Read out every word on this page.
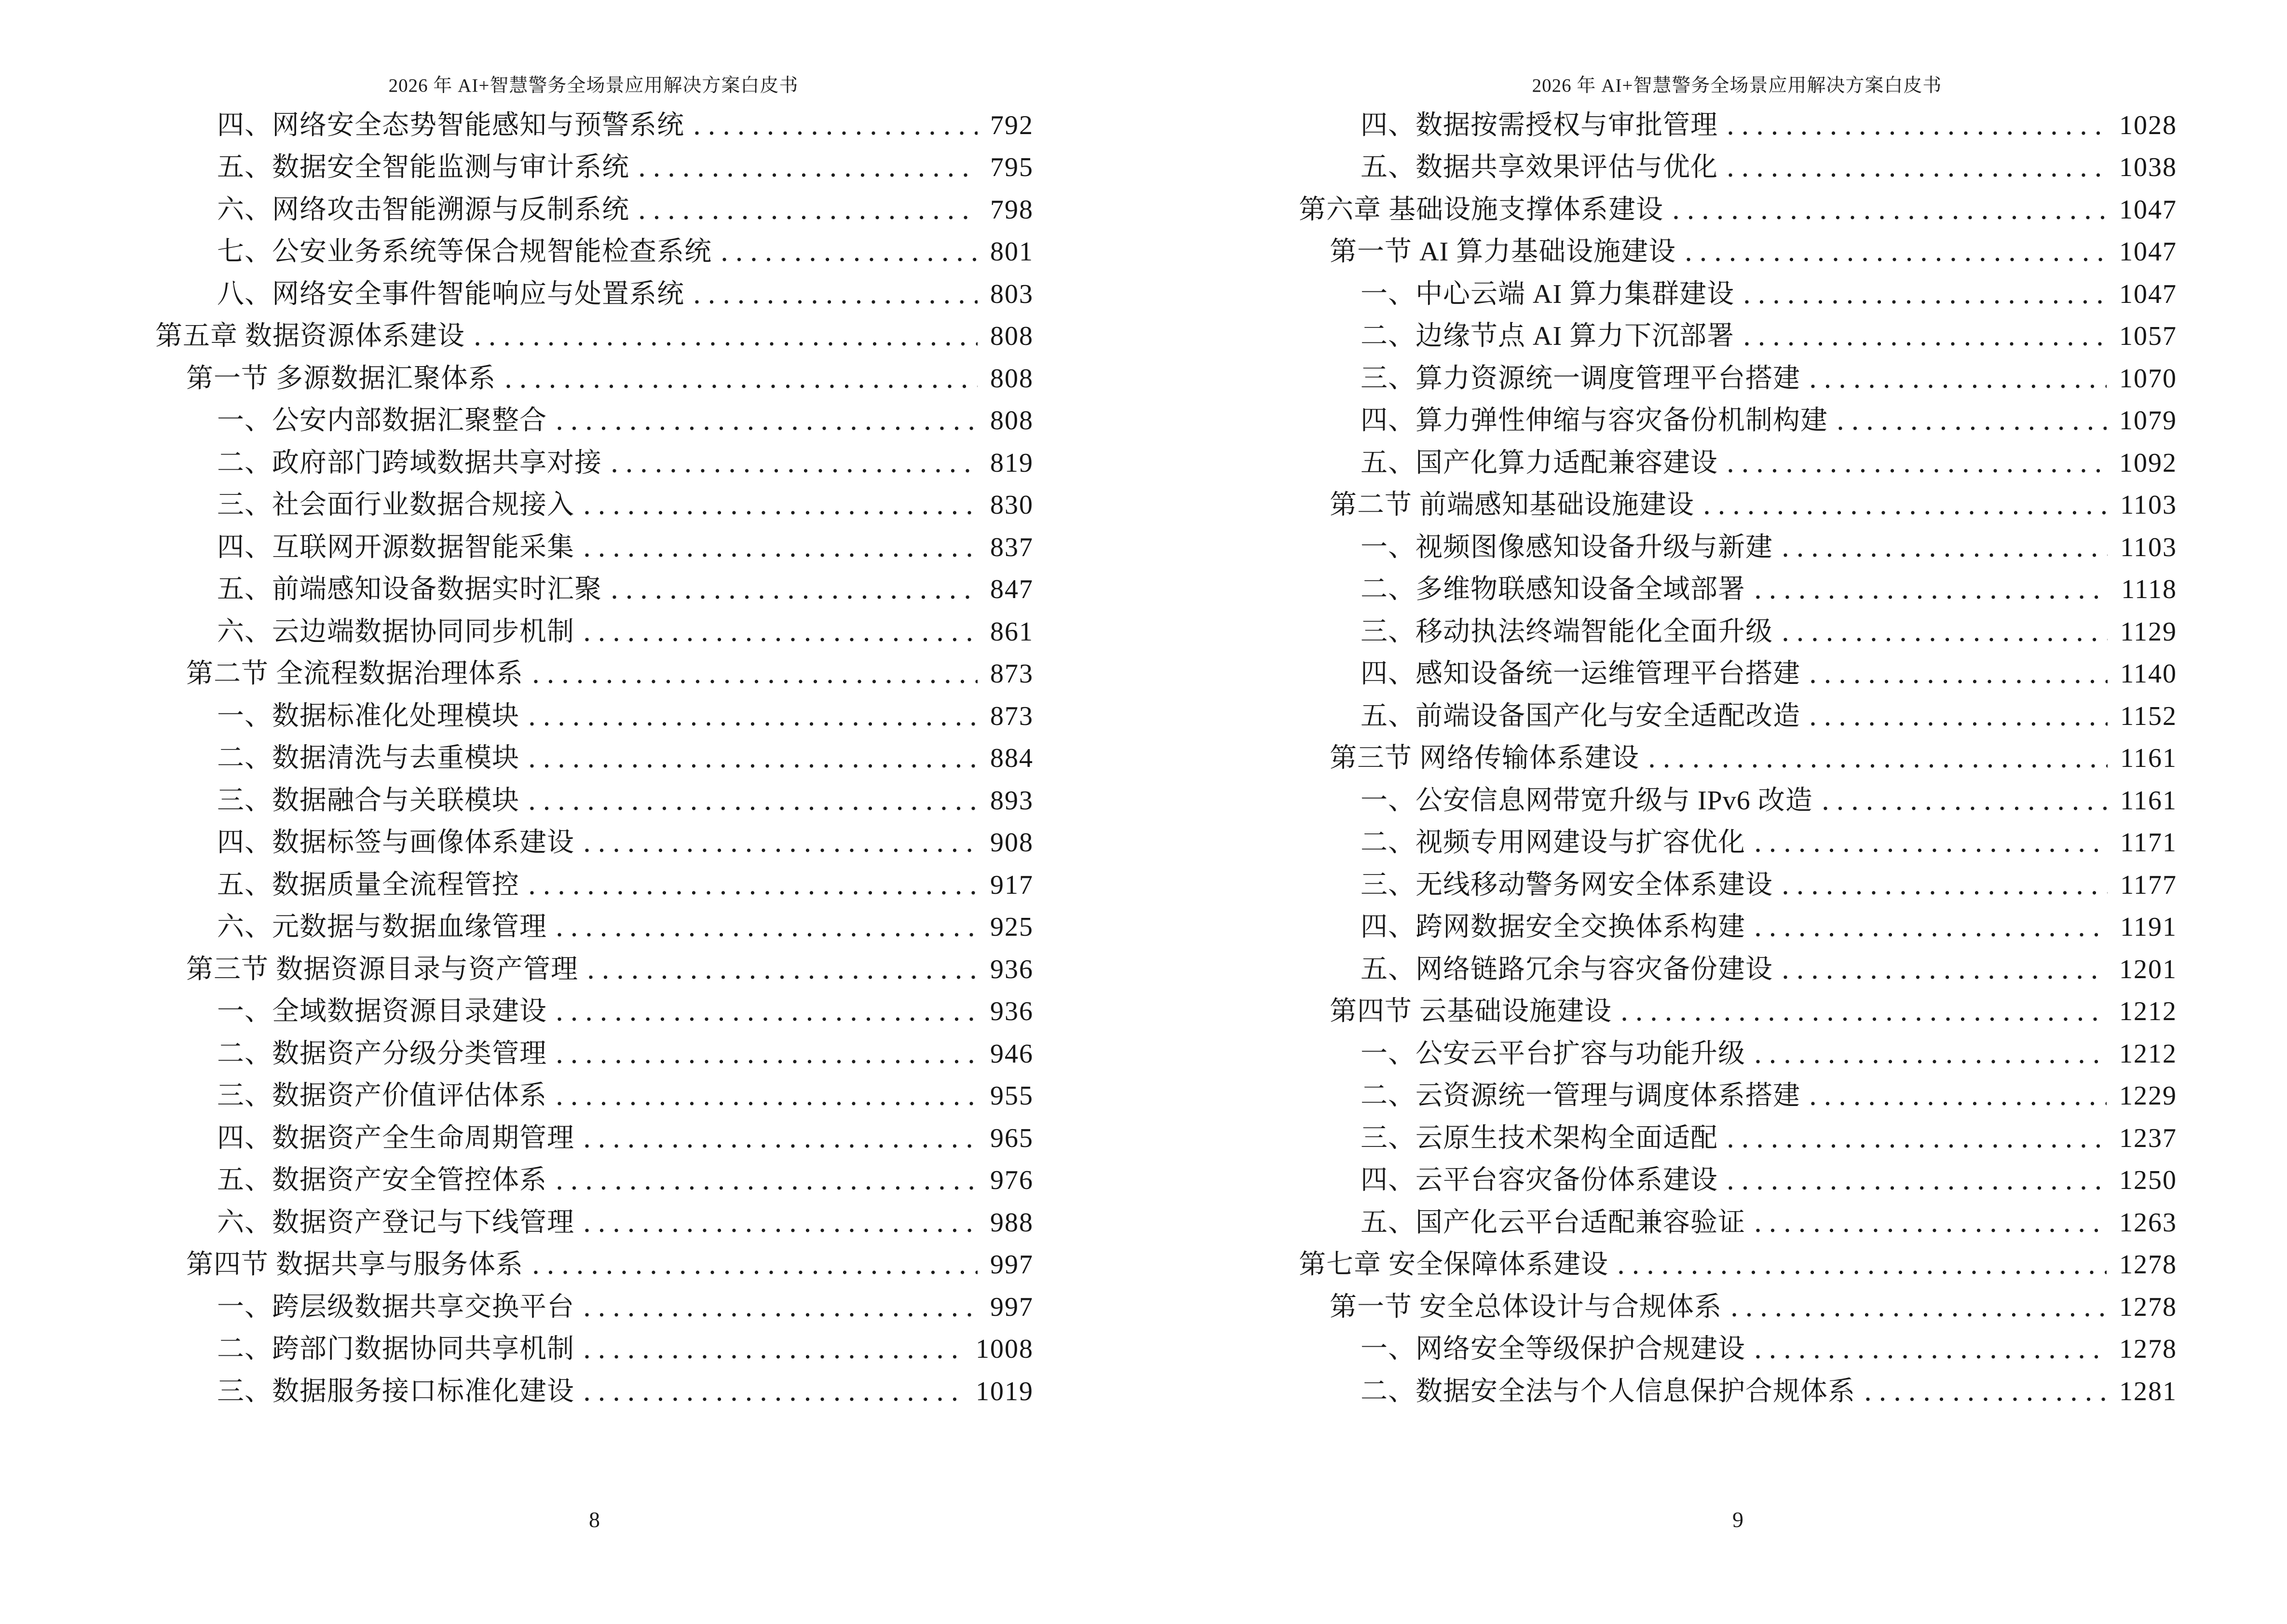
2026 年 AI+智慧警务全场景应用解决方案白皮书
四、网络安全态势智能感知与预警系统	792
五、数据安全智能监测与审计系统	795
六、网络攻击智能溯源与反制系统	798
七、公安业务系统等保合规智能检查系统	801
八、网络安全事件智能响应与处置系统	803
第五章 数据资源体系建设	808
第一节 多源数据汇聚体系	808
一、公安内部数据汇聚整合	808
二、政府部门跨域数据共享对接	819
三、社会面行业数据合规接入	830
四、互联网开源数据智能采集	837
五、前端感知设备数据实时汇聚	847
六、云边端数据协同同步机制	861
第二节 全流程数据治理体系	873
一、数据标准化处理模块	873
二、数据清洗与去重模块	884
三、数据融合与关联模块	893
四、数据标签与画像体系建设	908
五、数据质量全流程管控	917
六、元数据与数据血缘管理	925
第三节 数据资源目录与资产管理	936
一、全域数据资源目录建设	936
二、数据资产分级分类管理	946
三、数据资产价值评估体系	955
四、数据资产全生命周期管理	965
五、数据资产安全管控体系	976
六、数据资产登记与下线管理	988
第四节 数据共享与服务体系	997
一、跨层级数据共享交换平台	997
二、跨部门数据协同共享机制	1008
三、数据服务接口标准化建设	1019
8
2026 年 AI+智慧警务全场景应用解决方案白皮书
四、数据按需授权与审批管理	1028
五、数据共享效果评估与优化	1038
第六章 基础设施支撑体系建设	1047
第一节 AI 算力基础设施建设	1047
一、中心云端 AI 算力集群建设	1047
二、边缘节点 AI 算力下沉部署	1057
三、算力资源统一调度管理平台搭建	1070
四、算力弹性伸缩与容灾备份机制构建	1079
五、国产化算力适配兼容建设	1092
第二节 前端感知基础设施建设	1103
一、视频图像感知设备升级与新建	1103
二、多维物联感知设备全域部署	1118
三、移动执法终端智能化全面升级	1129
四、感知设备统一运维管理平台搭建	1140
五、前端设备国产化与安全适配改造	1152
第三节 网络传输体系建设	1161
一、公安信息网带宽升级与 IPv6 改造	1161
二、视频专用网建设与扩容优化	1171
三、无线移动警务网安全体系建设	1177
四、跨网数据安全交换体系构建	1191
五、网络链路冗余与容灾备份建设	1201
第四节 云基础设施建设	1212
一、公安云平台扩容与功能升级	1212
二、云资源统一管理与调度体系搭建	1229
三、云原生技术架构全面适配	1237
四、云平台容灾备份体系建设	1250
五、国产化云平台适配兼容验证	1263
第七章 安全保障体系建设	1278
第一节 安全总体设计与合规体系	1278
一、网络安全等级保护合规建设	1278
二、数据安全法与个人信息保护合规体系	1281
9
